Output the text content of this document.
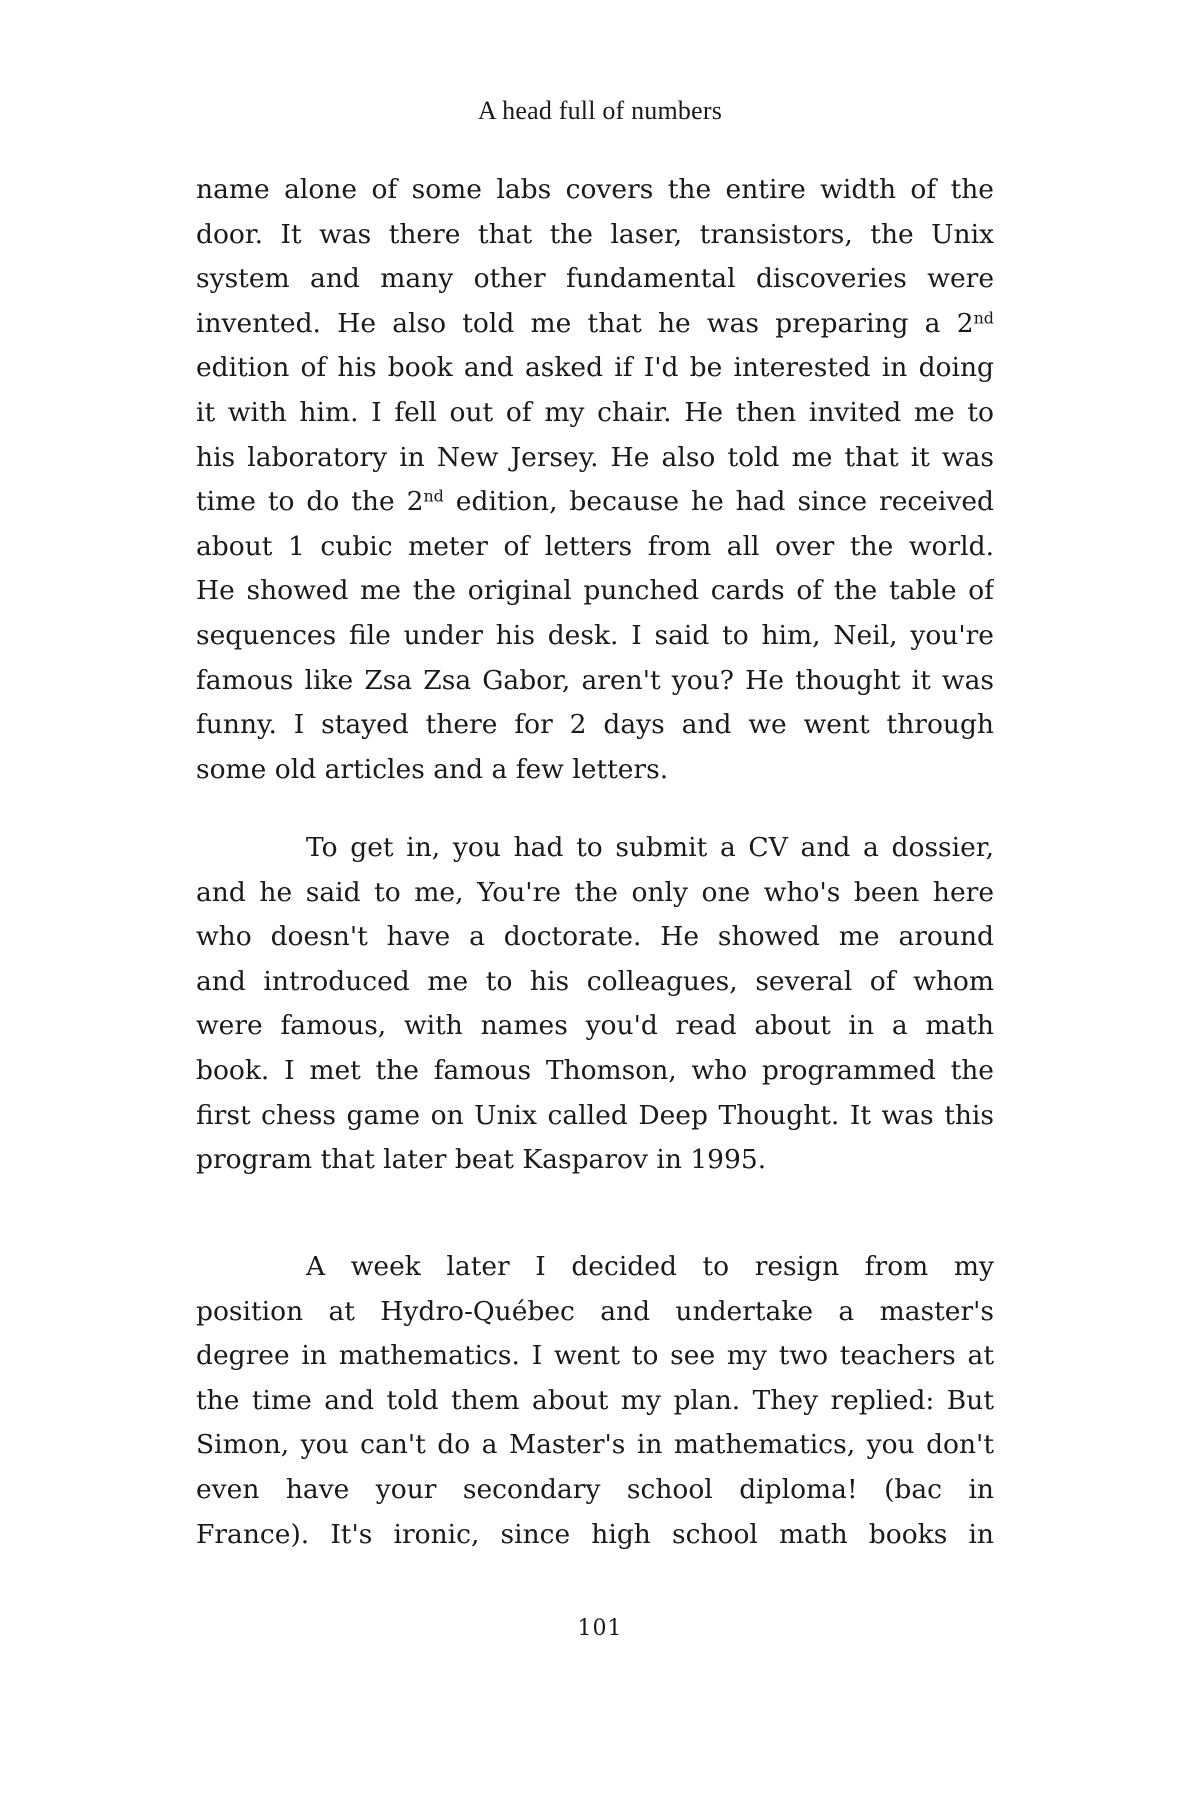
A head full of numbers
name alone of some labs covers the entire width of the
door. It was there that the laser, transistors, the Unix
system and many other fundamental discoveries were
invented. He also told me that he was preparing a 2nd
edition of his book and asked if I'd be interested in doing
it with him. I fell out of my chair. He then invited me to
his laboratory in New Jersey. He also told me that it was
time to do the 2nd edition, because he had since received
about 1 cubic meter of letters from all over the world.
He showed me the original punched cards of the table of
sequences file under his desk. I said to him, Neil, you're
famous like Zsa Zsa Gabor, aren't you? He thought it was
funny. I stayed there for 2 days and we went through
some old articles and a few letters.
To get in, you had to submit a CV and a dossier,
and he said to me, You're the only one who's been here
who doesn't have a doctorate. He showed me around
and introduced me to his colleagues, several of whom
were famous, with names you'd read about in a math
book. I met the famous Thomson, who programmed the
first chess game on Unix called Deep Thought. It was this
program that later beat Kasparov in 1995.
A week later I decided to resign from my
position at Hydro-Québec and undertake a master's
degree in mathematics. I went to see my two teachers at
the time and told them about my plan. They replied: But
Simon, you can't do a Master's in mathematics, you don't
even have your secondary school diploma! (bac in
France). It's ironic, since high school math books in
101
